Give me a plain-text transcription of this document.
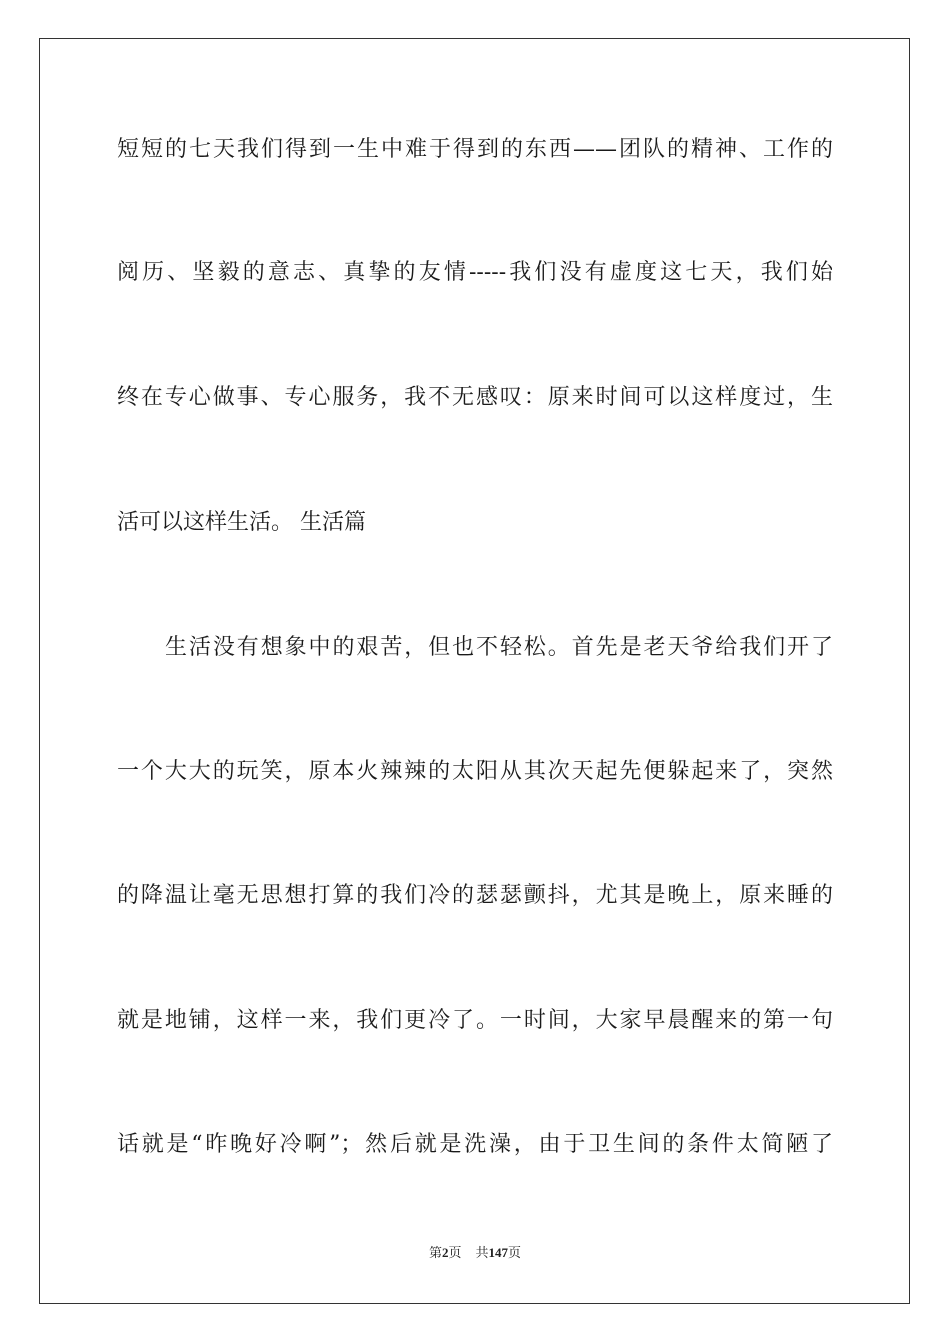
短短的七天我们得到一生中难于得到的东西——团队的精神、工作的
阅历、坚毅的意志、真挚的友情-----我们没有虚度这七天，我们始
终在专心做事、专心服务，我不无感叹：原来时间可以这样度过，生
活可以这样生活。 生活篇
生活没有想象中的艰苦，但也不轻松。首先是老天爷给我们开了
一个大大的玩笑，原本火辣辣的太阳从其次天起先便躲起来了，突然
的降温让毫无思想打算的我们冷的瑟瑟颤抖，尤其是晚上，原来睡的
就是地铺，这样一来，我们更冷了。一时间，大家早晨醒来的第一句
话就是“昨晚好冷啊”；然后就是洗澡，由于卫生间的条件太简陋了
第2页 共147页
